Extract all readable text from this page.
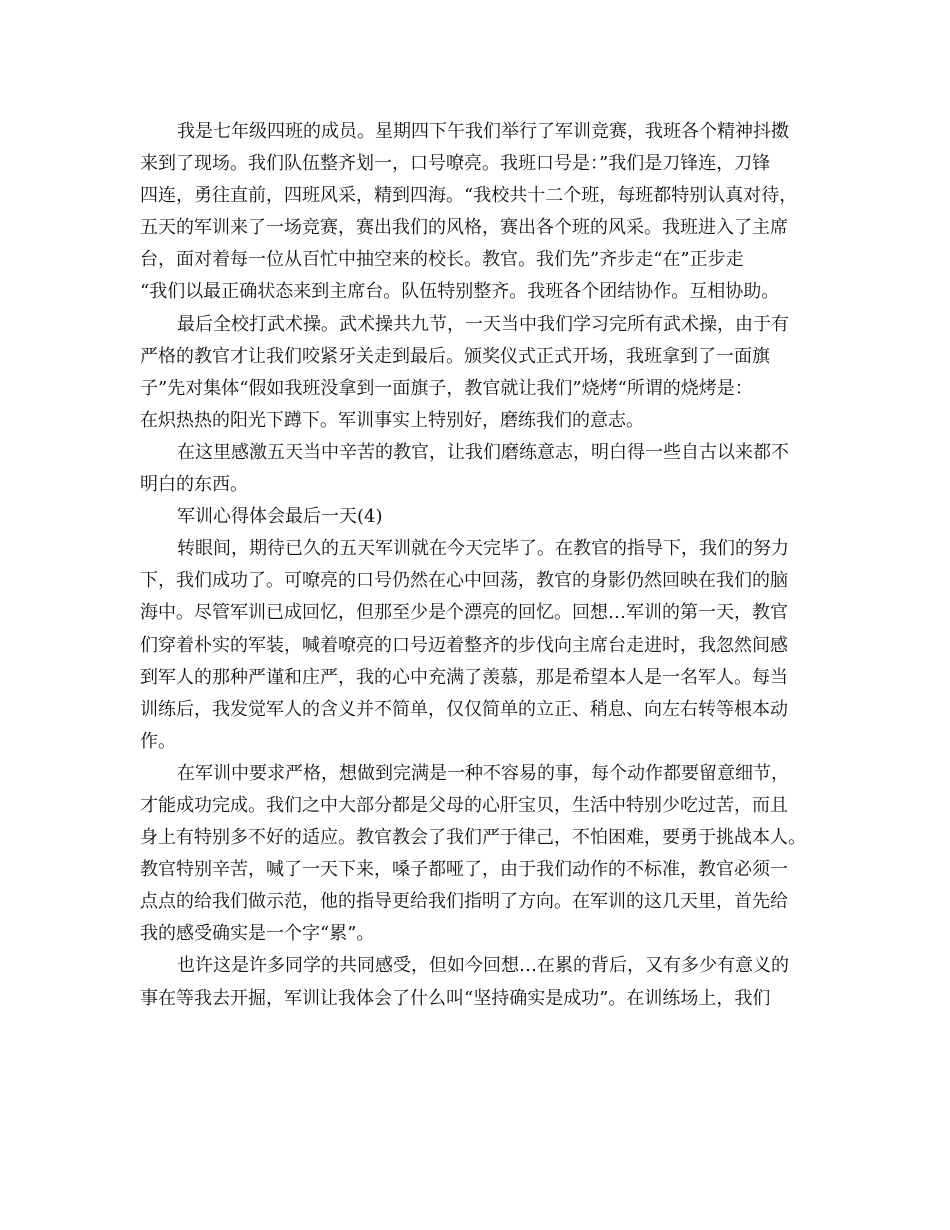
我是七年级四班的成员。星期四下午我们举行了军训竞赛，我班各个精神抖擞
来到了现场。我们队伍整齐划一，口号嘹亮。我班口号是：”我们是刀锋连，刀锋
四连，勇往直前，四班风采，精到四海。“我校共十二个班，每班都特别认真对待，
五天的军训来了一场竞赛，赛出我们的风格，赛出各个班的风采。我班进入了主席
台，面对着每一位从百忙中抽空来的校长。教官。我们先”齐步走“在”正步走
“我们以最正确状态来到主席台。队伍特别整齐。我班各个团结协作。互相协助。
最后全校打武术操。武术操共九节，一天当中我们学习完所有武术操，由于有
严格的教官才让我们咬紧牙关走到最后。颁奖仪式正式开场，我班拿到了一面旗
子”先对集体“假如我班没拿到一面旗子，教官就让我们”烧烤“所谓的烧烤是：
在炽热热的阳光下蹲下。军训事实上特别好，磨练我们的意志。
在这里感激五天当中辛苦的教官，让我们磨练意志，明白得一些自古以来都不
明白的东西。
军训心得体会最后一天(4)
转眼间，期待已久的五天军训就在今天完毕了。在教官的指导下，我们的努力
下，我们成功了。可嘹亮的口号仍然在心中回荡，教官的身影仍然回映在我们的脑
海中。尽管军训已成回忆，但那至少是个漂亮的回忆。回想…军训的第一天，教官
们穿着朴实的军装，喊着嘹亮的口号迈着整齐的步伐向主席台走进时，我忽然间感
到军人的那种严谨和庄严，我的心中充满了羡慕，那是希望本人是一名军人。每当
训练后，我发觉军人的含义并不简单，仅仅简单的立正、稍息、向左右转等根本动
作。
在军训中要求严格，想做到完满是一种不容易的事，每个动作都要留意细节，
才能成功完成。我们之中大部分都是父母的心肝宝贝，生活中特别少吃过苦，而且
身上有特别多不好的适应。教官教会了我们严于律己，不怕困难，要勇于挑战本人。
教官特别辛苦，喊了一天下来，嗓子都哑了，由于我们动作的不标准，教官必须一
点点的给我们做示范，他的指导更给我们指明了方向。在军训的这几天里，首先给
我的感受确实是一个字“累”。
也许这是许多同学的共同感受，但如今回想…在累的背后，又有多少有意义的
事在等我去开掘，军训让我体会了什么叫“坚持确实是成功”。在训练场上，我们
